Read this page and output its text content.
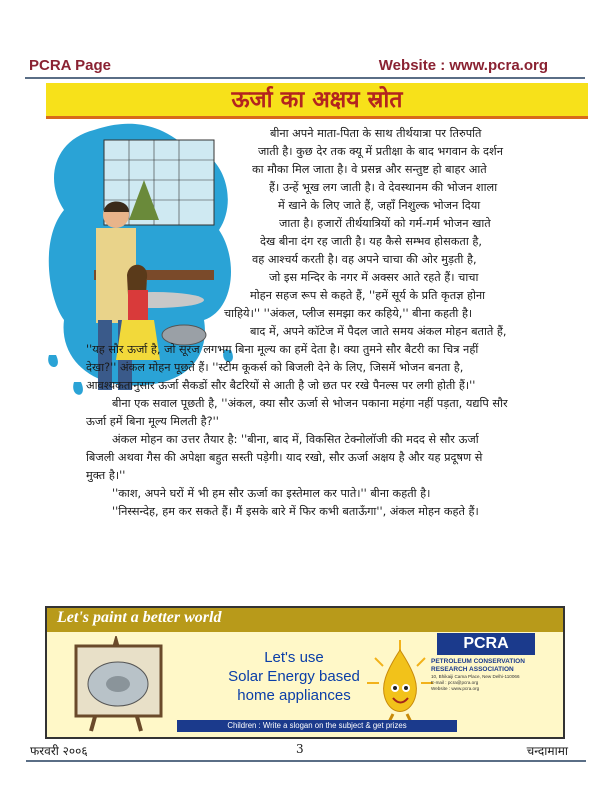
PCRA Page	Website : www.pcra.org
ऊर्जा का अक्षय स्रोत
बीना अपने माता-पिता के साथ तीर्थयात्रा पर तिरुपति
जाती है। कुछ देर तक क्यू में प्रतीक्षा के बाद भगवान के दर्शन
का मौका मिल जाता है। वे प्रसन्न और सन्तुष्ट हो बाहर आते
हैं। उन्हें भूख लग जाती है। वे देवस्थानम की भोजन शाला
में खाने के लिए जाते हैं, जहाँ निशुल्क भोजन दिया
जाता है। हजारों तीर्थयात्रियों को गर्म-गर्म भोजन खाते
देख बीना दंग रह जाती है। यह कैसे सम्भव होसकता है,
वह आश्चर्य करती है। वह अपने चाचा की ओर मुड़ती है,
जो इस मन्दिर के नगर में अक्सर आते रहते हैं। चाचा
मोहन सहज रूप से कहते हैं, ''हमें सूर्य के प्रति कृतज्ञ होना
चाहिये।'' ''अंकल, प्लीज समझा कर कहिये,'' बीना कहती है।
बाद में, अपने कॉटेज में पैदल जाते समय अंकल मोहन बताते हैं,
''यह सौर ऊर्जा है, जो सूरज लगभग बिना मूल्य का हमें देता है। क्या तुमने सौर बैटरी का चित्र नहीं
देखा?'' अंकल मोहन पूछते हैं। ''स्टीम कूकर्स को बिजली देने के लिए, जिसमें भोजन बनता है,
आवश्यकतानुसार ऊर्जा सैकडों सौर बैटरियों से आती है जो छत पर रखे पैनल्स पर लगी होती हैं।''
बीना एक सवाल पूछती है, ''अंकल, क्या सौर ऊर्जा से भोजन पकाना महंगा नहीं पड़ता, यद्यपि सौर
ऊर्जा हमें बिना मूल्य मिलती है?''
अंकल मोहन का उत्तर तैयार है: ''बीना, बाद में, विकसित टेक्नोलॉजी की मदद से सौर ऊर्जा
बिजली अथवा गैस की अपेक्षा बहुत सस्ती पड़ेगी। याद रखो, सौर ऊर्जा अक्षय है और यह प्रदूषण से
मुक्त है।''
''काश, अपने घरों में भी हम सौर ऊर्जा का इस्तेमाल कर पाते।'' बीना कहती है।
''निस्सन्देह, हम कर सकते हैं। मैं इसके बारे में फिर कभी बताऊँगा'', अंकल मोहन कहते हैं।
Let's paint a better world
Let's use
Solar Energy based
home appliances
PCRA
PETROLEUM CONSERVATION
RESEARCH ASSOCIATION
10, Bhikaiji Cama Place, New Delhi-110066
E-mail : pcra@pcra.org
Website : www.pcra.org
Children : Write a slogan on the subject & get prizes
फरवरी २००६	3	चन्दामामा
